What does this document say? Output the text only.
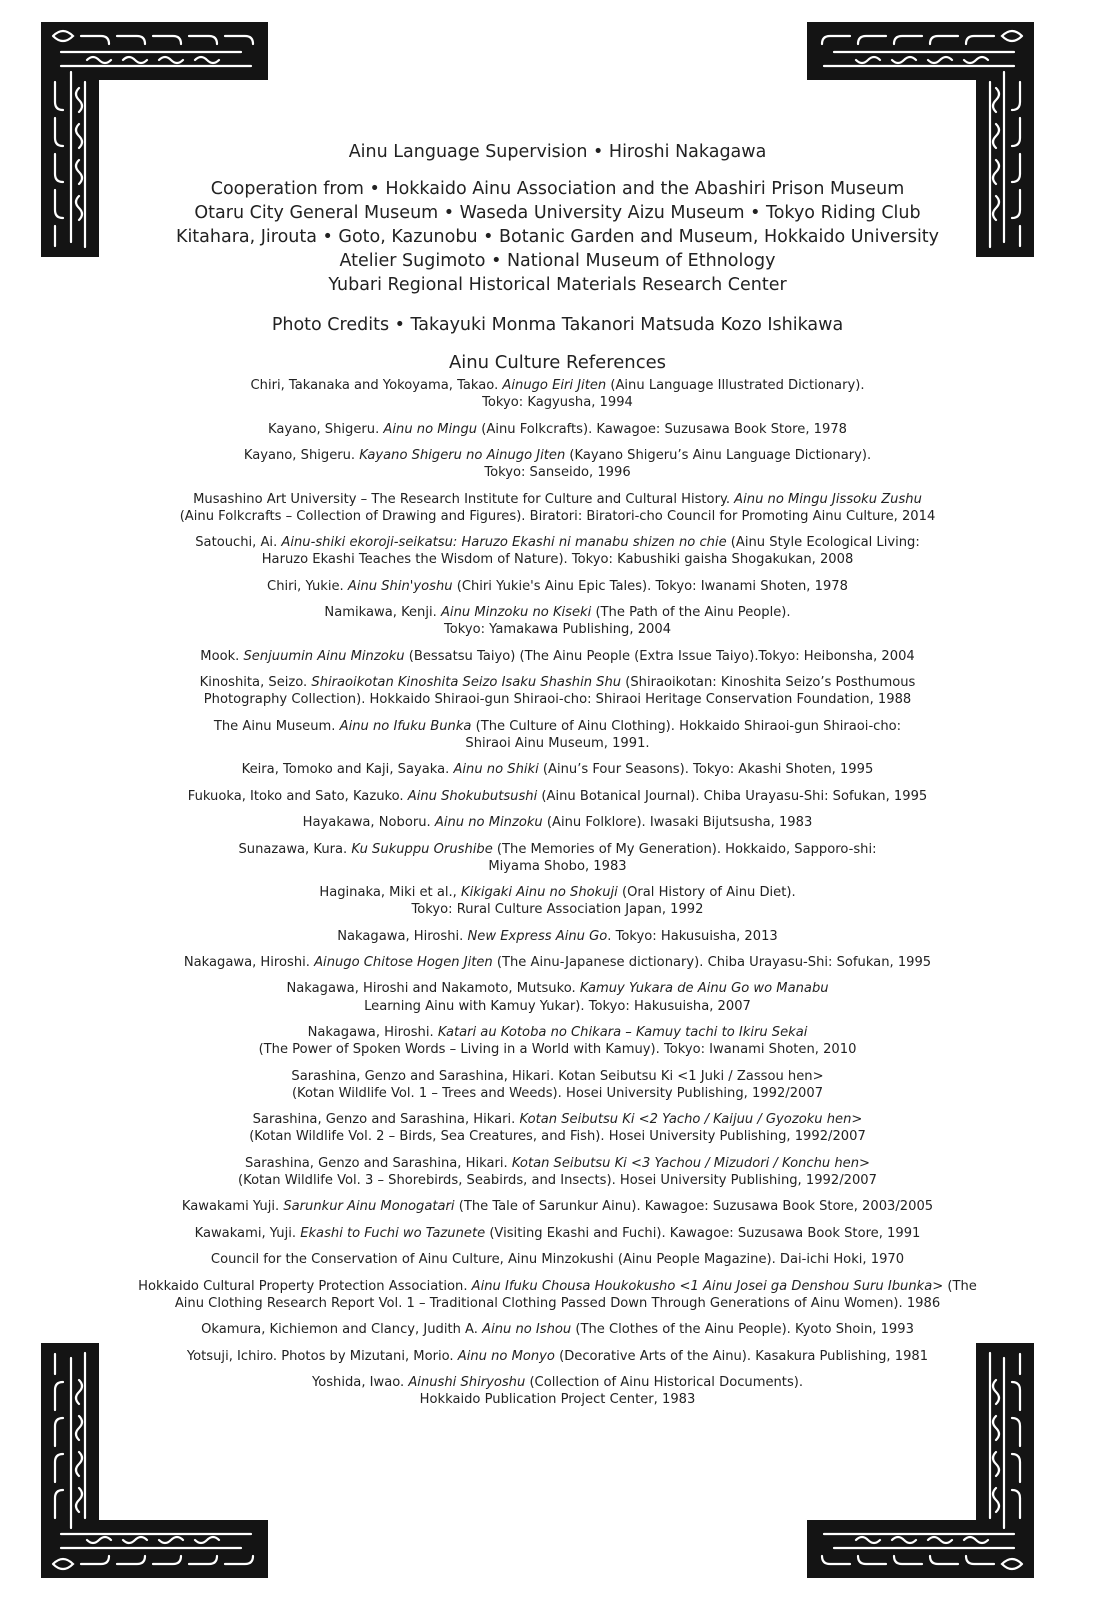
Ainu Language Supervision • Hiroshi Nakagawa

Cooperation from • Hokkaido Ainu Association and the Abashiri Prison Museum

Otaru City General Museum • Waseda University Aizu Museum • Tokyo Riding Club

Kitahara, Jirouta • Goto, Kazunobu • Botanic Garden and Museum, Hokkaido University

Atelier Sugimoto • National Museum of Ethnology

Yubari Regional Historical Materials Research Center

Photo Credits • Takayuki Monma Takanori Matsuda Kozo Ishikawa

Ainu Culture References

Chiri, Takanaka and Yokoyama, Takao. Ainugo Eiri Jiten (Ainu Language Illustrated Dictionary).
Tokyo: Kagyusha, 1994

Kayano, Shigeru. Ainu no Mingu (Ainu Folkcrafts). Kawagoe: Suzusawa Book Store, 1978

Kayano, Shigeru. Kayano Shigeru no Ainugo Jiten (Kayano Shigeru’s Ainu Language Dictionary).
Tokyo: Sanseido, 1996

Musashino Art University – The Research Institute for Culture and Cultural History. Ainu no Mingu Jissoku Zushu
(Ainu Folkcrafts – Collection of Drawing and Figures). Biratori: Biratori-cho Council for Promoting Ainu Culture, 2014

Satouchi, Ai. Ainu-shiki ekoroji-seikatsu: Haruzo Ekashi ni manabu shizen no chie (Ainu Style Ecological Living:
Haruzo Ekashi Teaches the Wisdom of Nature). Tokyo: Kabushiki gaisha Shogakukan, 2008

Chiri, Yukie. Ainu Shin'yoshu (Chiri Yukie's Ainu Epic Tales). Tokyo: Iwanami Shoten, 1978

Namikawa, Kenji. Ainu Minzoku no Kiseki (The Path of the Ainu People).
Tokyo: Yamakawa Publishing, 2004

Mook. Senjuumin Ainu Minzoku (Bessatsu Taiyo) (The Ainu People (Extra Issue Taiyo).Tokyo: Heibonsha, 2004

Kinoshita, Seizo. Shiraoikotan Kinoshita Seizo Isaku Shashin Shu (Shiraoikotan: Kinoshita Seizo’s Posthumous
Photography Collection). Hokkaido Shiraoi-gun Shiraoi-cho: Shiraoi Heritage Conservation Foundation, 1988

The Ainu Museum. Ainu no Ifuku Bunka (The Culture of Ainu Clothing). Hokkaido Shiraoi-gun Shiraoi-cho:
Shiraoi Ainu Museum, 1991.

Keira, Tomoko and Kaji, Sayaka. Ainu no Shiki (Ainu’s Four Seasons). Tokyo: Akashi Shoten, 1995

Fukuoka, Itoko and Sato, Kazuko. Ainu Shokubutsushi (Ainu Botanical Journal). Chiba Urayasu-Shi: Sofukan, 1995

Hayakawa, Noboru. Ainu no Minzoku (Ainu Folklore). Iwasaki Bijutsusha, 1983

Sunazawa, Kura. Ku Sukuppu Orushibe (The Memories of My Generation). Hokkaido, Sapporo-shi:
Miyama Shobo, 1983

Haginaka, Miki et al., Kikigaki Ainu no Shokuji (Oral History of Ainu Diet).
Tokyo: Rural Culture Association Japan, 1992

Nakagawa, Hiroshi. New Express Ainu Go. Tokyo: Hakusuisha, 2013

Nakagawa, Hiroshi. Ainugo Chitose Hogen Jiten (The Ainu-Japanese dictionary). Chiba Urayasu-Shi: Sofukan, 1995

Nakagawa, Hiroshi and Nakamoto, Mutsuko. Kamuy Yukara de Ainu Go wo Manabu
Learning Ainu with Kamuy Yukar). Tokyo: Hakusuisha, 2007

Nakagawa, Hiroshi. Katari au Kotoba no Chikara – Kamuy tachi to Ikiru Sekai
(The Power of Spoken Words – Living in a World with Kamuy). Tokyo: Iwanami Shoten, 2010

Sarashina, Genzo and Sarashina, Hikari. Kotan Seibutsu Ki <1 Juki / Zassou hen>
(Kotan Wildlife Vol. 1 – Trees and Weeds). Hosei University Publishing, 1992/2007

Sarashina, Genzo and Sarashina, Hikari. Kotan Seibutsu Ki <2 Yacho / Kaijuu / Gyozoku hen>
(Kotan Wildlife Vol. 2 – Birds, Sea Creatures, and Fish). Hosei University Publishing, 1992/2007

Sarashina, Genzo and Sarashina, Hikari. Kotan Seibutsu Ki <3 Yachou / Mizudori / Konchu hen>
(Kotan Wildlife Vol. 3 – Shorebirds, Seabirds, and Insects). Hosei University Publishing, 1992/2007

Kawakami Yuji. Sarunkur Ainu Monogatari (The Tale of Sarunkur Ainu). Kawagoe: Suzusawa Book Store, 2003/2005

Kawakami, Yuji. Ekashi to Fuchi wo Tazunete (Visiting Ekashi and Fuchi). Kawagoe: Suzusawa Book Store, 1991

Council for the Conservation of Ainu Culture, Ainu Minzokushi (Ainu People Magazine). Dai-ichi Hoki, 1970

Hokkaido Cultural Property Protection Association. Ainu Ifuku Chousa Houkokusho <1 Ainu Josei ga Denshou Suru Ibunka> (The Ainu Clothing Research Report Vol. 1 – Traditional Clothing Passed Down Through Generations of Ainu Women). 1986

Okamura, Kichiemon and Clancy, Judith A. Ainu no Ishou (The Clothes of the Ainu People). Kyoto Shoin, 1993

Yotsuji, Ichiro. Photos by Mizutani, Morio. Ainu no Monyo (Decorative Arts of the Ainu). Kasakura Publishing, 1981

Yoshida, Iwao. Ainushi Shiryoshu (Collection of Ainu Historical Documents).
Hokkaido Publication Project Center, 1983
